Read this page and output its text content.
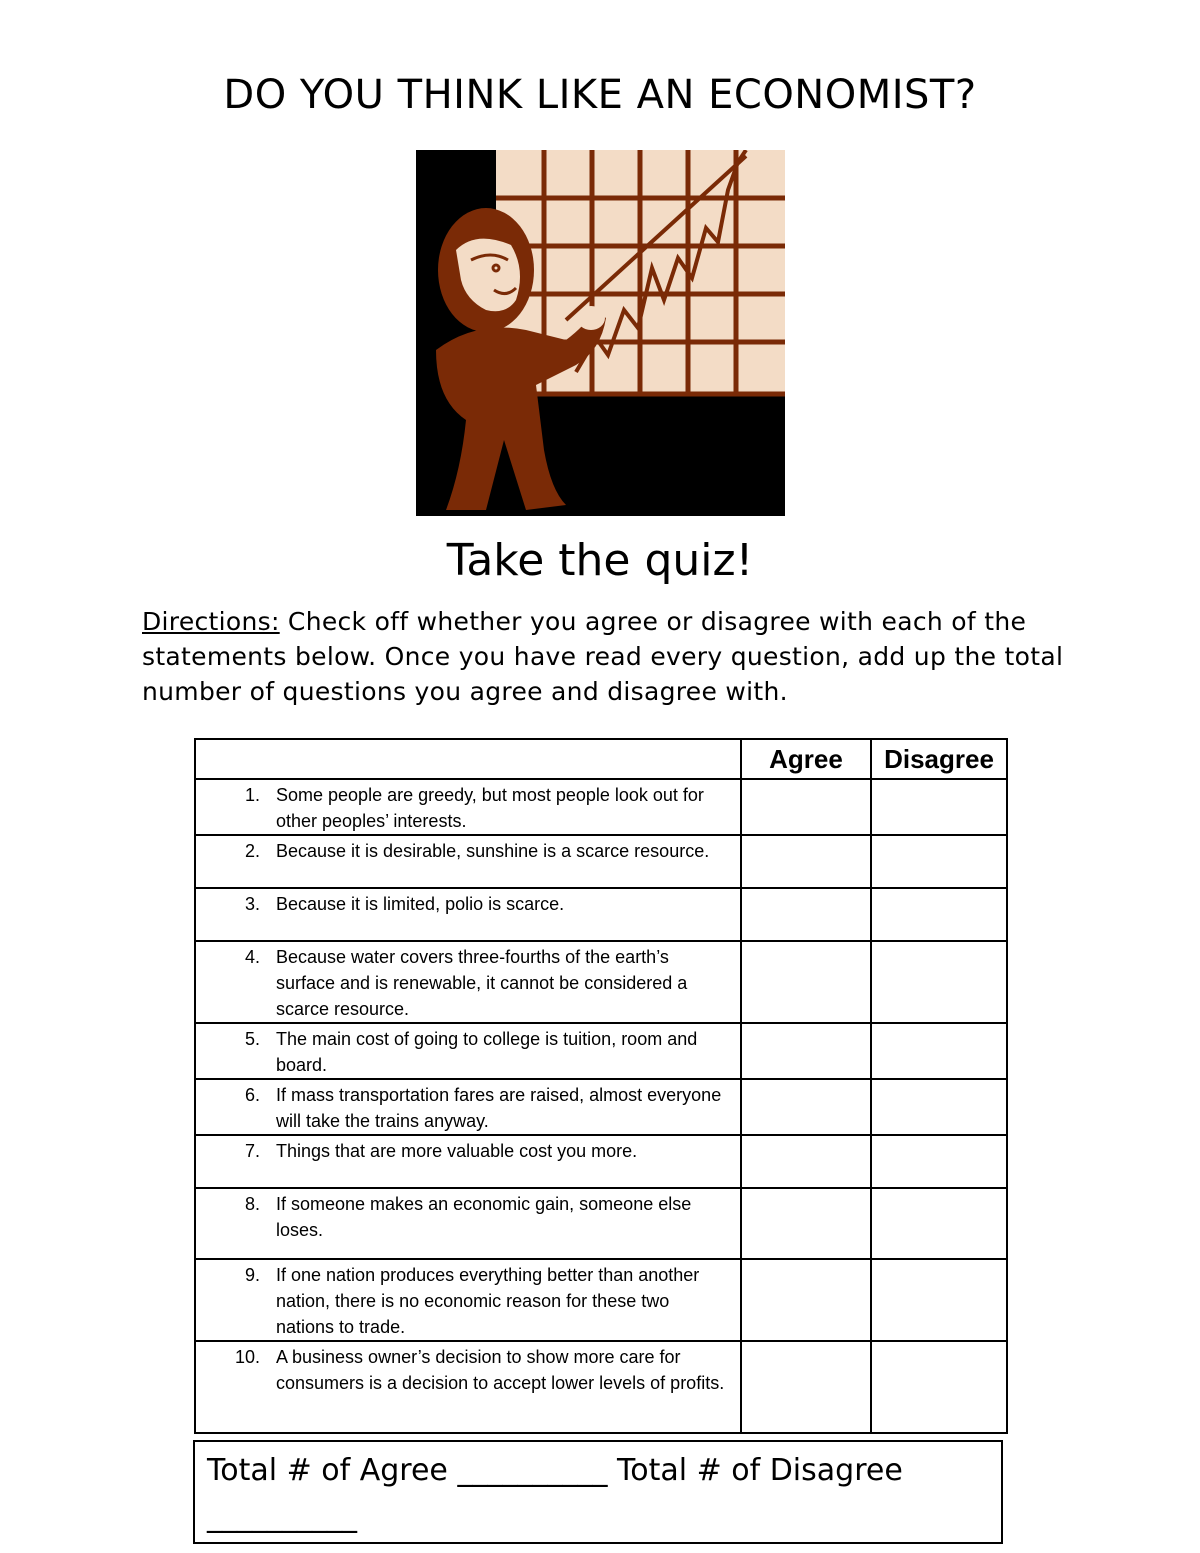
DO YOU THINK LIKE AN ECONOMIST?
Take the quiz!
Directions: Check off whether you agree or disagree with each of the statements below. Once you have read every question, add up the total number of questions you agree and disagree with.
	Agree	Disagree

1. Some people are greedy, but most people look out for other peoples’ interests.		

2. Because it is desirable, sunshine is a scarce resource.		

3. Because it is limited, polio is scarce.		

4. Because water covers three-fourths of the earth’s surface and is renewable, it cannot be considered a scarce resource.		

5. The main cost of going to college is tuition, room and board.		

6. If mass transportation fares are raised, almost everyone will take the trains anyway.		

7. Things that are more valuable cost you more.		

8. If someone makes an economic gain, someone else loses.		

9. If one nation produces everything better than another nation, there is no economic reason for these two nations to trade.		

10. A business owner’s decision to show more care for consumers is a decision to accept lower levels of profits.		

Total # of Agree __________ Total # of Disagree
__________
